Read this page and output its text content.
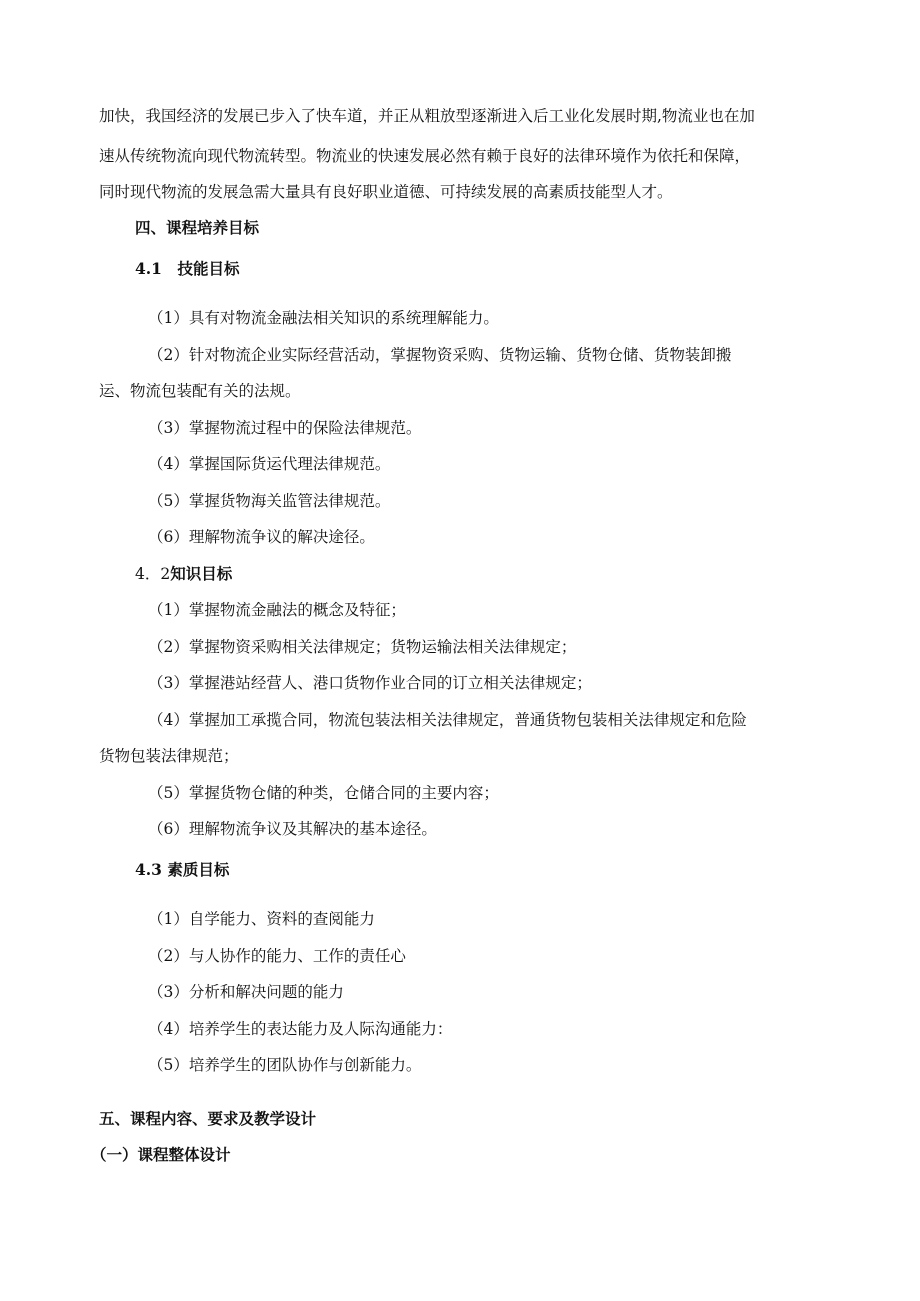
加快，我国经济的发展已步入了快车道，并正从粗放型逐渐进入后工业化发展时期,物流业也在加
速从传统物流向现代物流转型。物流业的快速发展必然有赖于良好的法律环境作为依托和保障，
同时现代物流的发展急需大量具有良好职业道德、可持续发展的高素质技能型人才。
四、课程培养目标
4.1　技能目标
（1）具有对物流金融法相关知识的系统理解能力。
（2）针对物流企业实际经营活动，掌握物资采购、货物运输、货物仓储、货物装卸搬
运、物流包装配有关的法规。
（3）掌握物流过程中的保险法律规范。
（4）掌握国际货运代理法律规范。
（5）掌握货物海关监管法律规范。
（6）理解物流争议的解决途径。
4．2知识目标
（1）掌握物流金融法的概念及特征；
（2）掌握物资采购相关法律规定；货物运输法相关法律规定；
（3）掌握港站经营人、港口货物作业合同的订立相关法律规定；
（4）掌握加工承揽合同，物流包装法相关法律规定，普通货物包装相关法律规定和危险
货物包装法律规范；
（5）掌握货物仓储的种类，仓储合同的主要内容；
（6）理解物流争议及其解决的基本途径。
4.3 素质目标
（1）自学能力、资料的查阅能力
（2）与人协作的能力、工作的责任心
（3）分析和解决问题的能力
（4）培养学生的表达能力及人际沟通能力：
（5）培养学生的团队协作与创新能力。
五、课程内容、要求及教学设计
（一）课程整体设计
